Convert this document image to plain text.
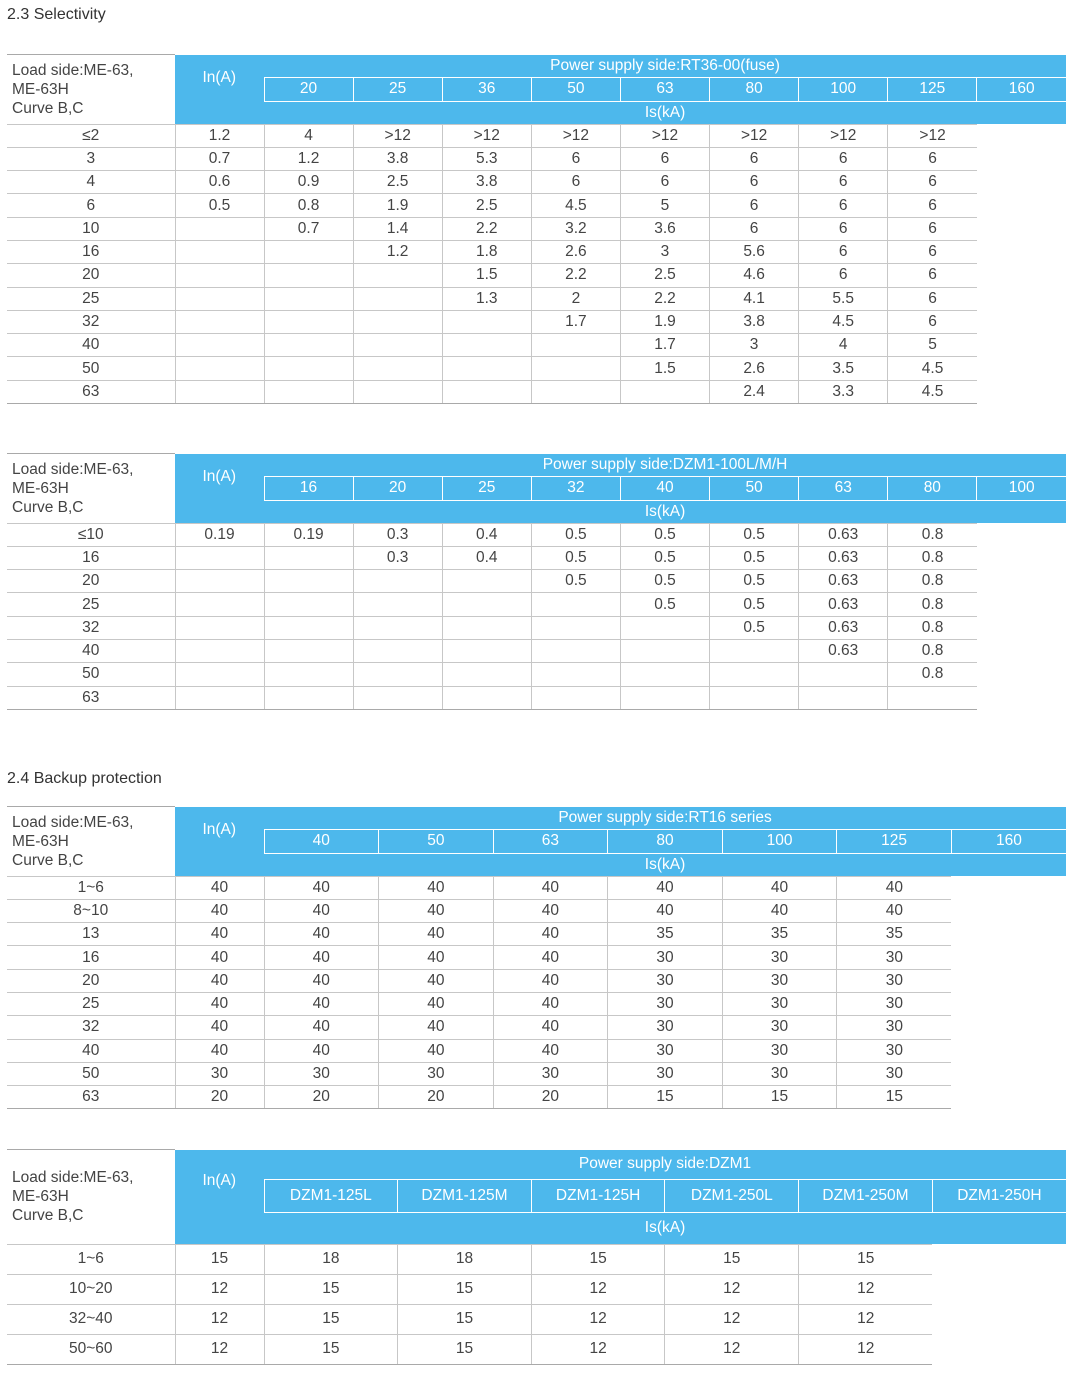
2.3 Selectivity
Load side:ME-63,
ME-63H
Curve B,C	In(A)	Power supply side:RT36-00(fuse)								
		20	25	36	50	63	80	100	125	160
		Is(kA)								
≤2	1.2	4	>12	>12	>12	>12	>12	>12	>12	
3	0.7	1.2	3.8	5.3	6	6	6	6	6	
4	0.6	0.9	2.5	3.8	6	6	6	6	6	
6	0.5	0.8	1.9	2.5	4.5	5	6	6	6	
10		0.7	1.4	2.2	3.2	3.6	6	6	6	
16			1.2	1.8	2.6	3	5.6	6	6	
20				1.5	2.2	2.5	4.6	6	6	
25				1.3	2	2.2	4.1	5.5	6	
32					1.7	1.9	3.8	4.5	6	
40						1.7	3	4	5	
50						1.5	2.6	3.5	4.5	
63							2.4	3.3	4.5	
Load side:ME-63,
ME-63H
Curve B,C	In(A)	Power supply side:DZM1-100L/M/H								
		16	20	25	32	40	50	63	80	100
		Is(kA)								
≤10	0.19	0.19	0.3	0.4	0.5	0.5	0.5	0.63	0.8	
16			0.3	0.4	0.5	0.5	0.5	0.63	0.8	
20					0.5	0.5	0.5	0.63	0.8	
25						0.5	0.5	0.63	0.8	
32							0.5	0.63	0.8	
40								0.63	0.8	
50									0.8	
63										
2.4 Backup protection
Load side:ME-63,
ME-63H
Curve B,C	In(A)	Power supply side:RT16 series						
		40	50	63	80	100	125	160
		Is(kA)						
1~6	40	40	40	40	40	40	40	
8~10	40	40	40	40	40	40	40	
13	40	40	40	40	35	35	35	
16	40	40	40	40	30	30	30	
20	40	40	40	40	30	30	30	
25	40	40	40	40	30	30	30	
32	40	40	40	40	30	30	30	
40	40	40	40	40	30	30	30	
50	30	30	30	30	30	30	30	
63	20	20	20	20	15	15	15	
Load side:ME-63,
ME-63H
Curve B,C	In(A)	Power supply side:DZM1					
		DZM1-125L	DZM1-125M	DZM1-125H	DZM1-250L	DZM1-250M	DZM1-250H
		Is(kA)					
1~6	15	18	18	15	15	15	
10~20	12	15	15	12	12	12	
32~40	12	15	15	12	12	12	
50~60	12	15	15	12	12	12	
